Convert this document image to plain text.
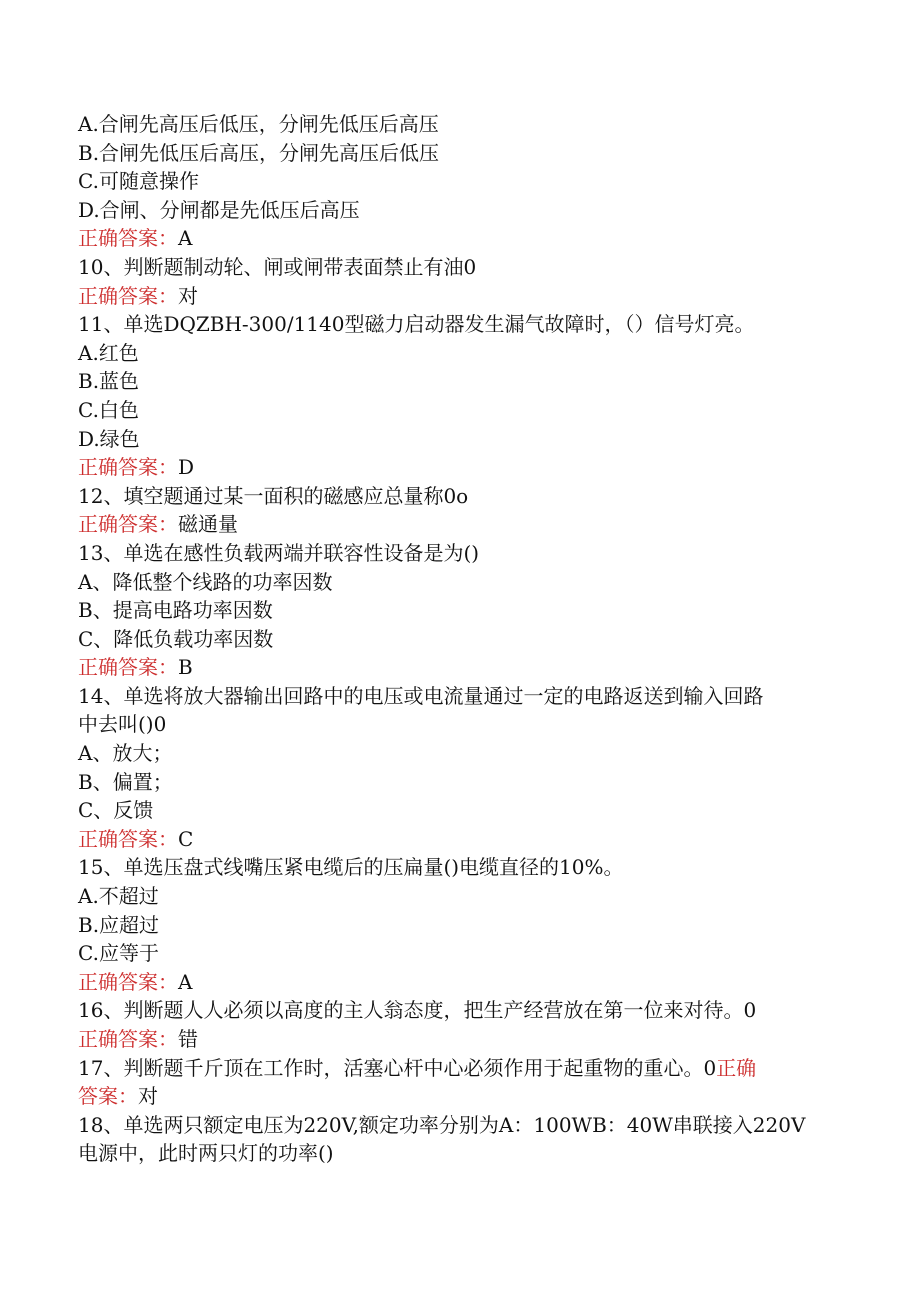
A.合闸先高压后低压，分闸先低压后高压
B.合闸先低压后高压，分闸先高压后低压
C.可随意操作
D.合闸、分闸都是先低压后高压
正确答案：A
10、判断题制动轮、闸或闸带表面禁止有油0
正确答案：对
11、单选DQZBH-300/1140型磁力启动器发生漏气故障时，（）信号灯亮。
A.红色
B.蓝色
C.白色
D.绿色
正确答案：D
12、填空题通过某一面积的磁感应总量称0o
正确答案：磁通量
13、单选在感性负载两端并联容性设备是为()
A、降低整个线路的功率因数
B、提高电路功率因数
C、降低负载功率因数
正确答案：B
14、单选将放大器输出回路中的电压或电流量通过一定的电路返送到输入回路
中去叫()0
A、放大；
B、偏置；
C、反馈
正确答案：C
15、单选压盘式线嘴压紧电缆后的压扁量()电缆直径的10%。
A.不超过
B.应超过
C.应等于
正确答案：A
16、判断题人人必须以高度的主人翁态度，把生产经营放在第一位来对待。0
正确答案：错
17、判断题千斤顶在工作时，活塞心杆中心必须作用于起重物的重心。0正确
答案：对
18、单选两只额定电压为220V,额定功率分别为A：100WB：40W串联接入220V
电源中，此时两只灯的功率()
